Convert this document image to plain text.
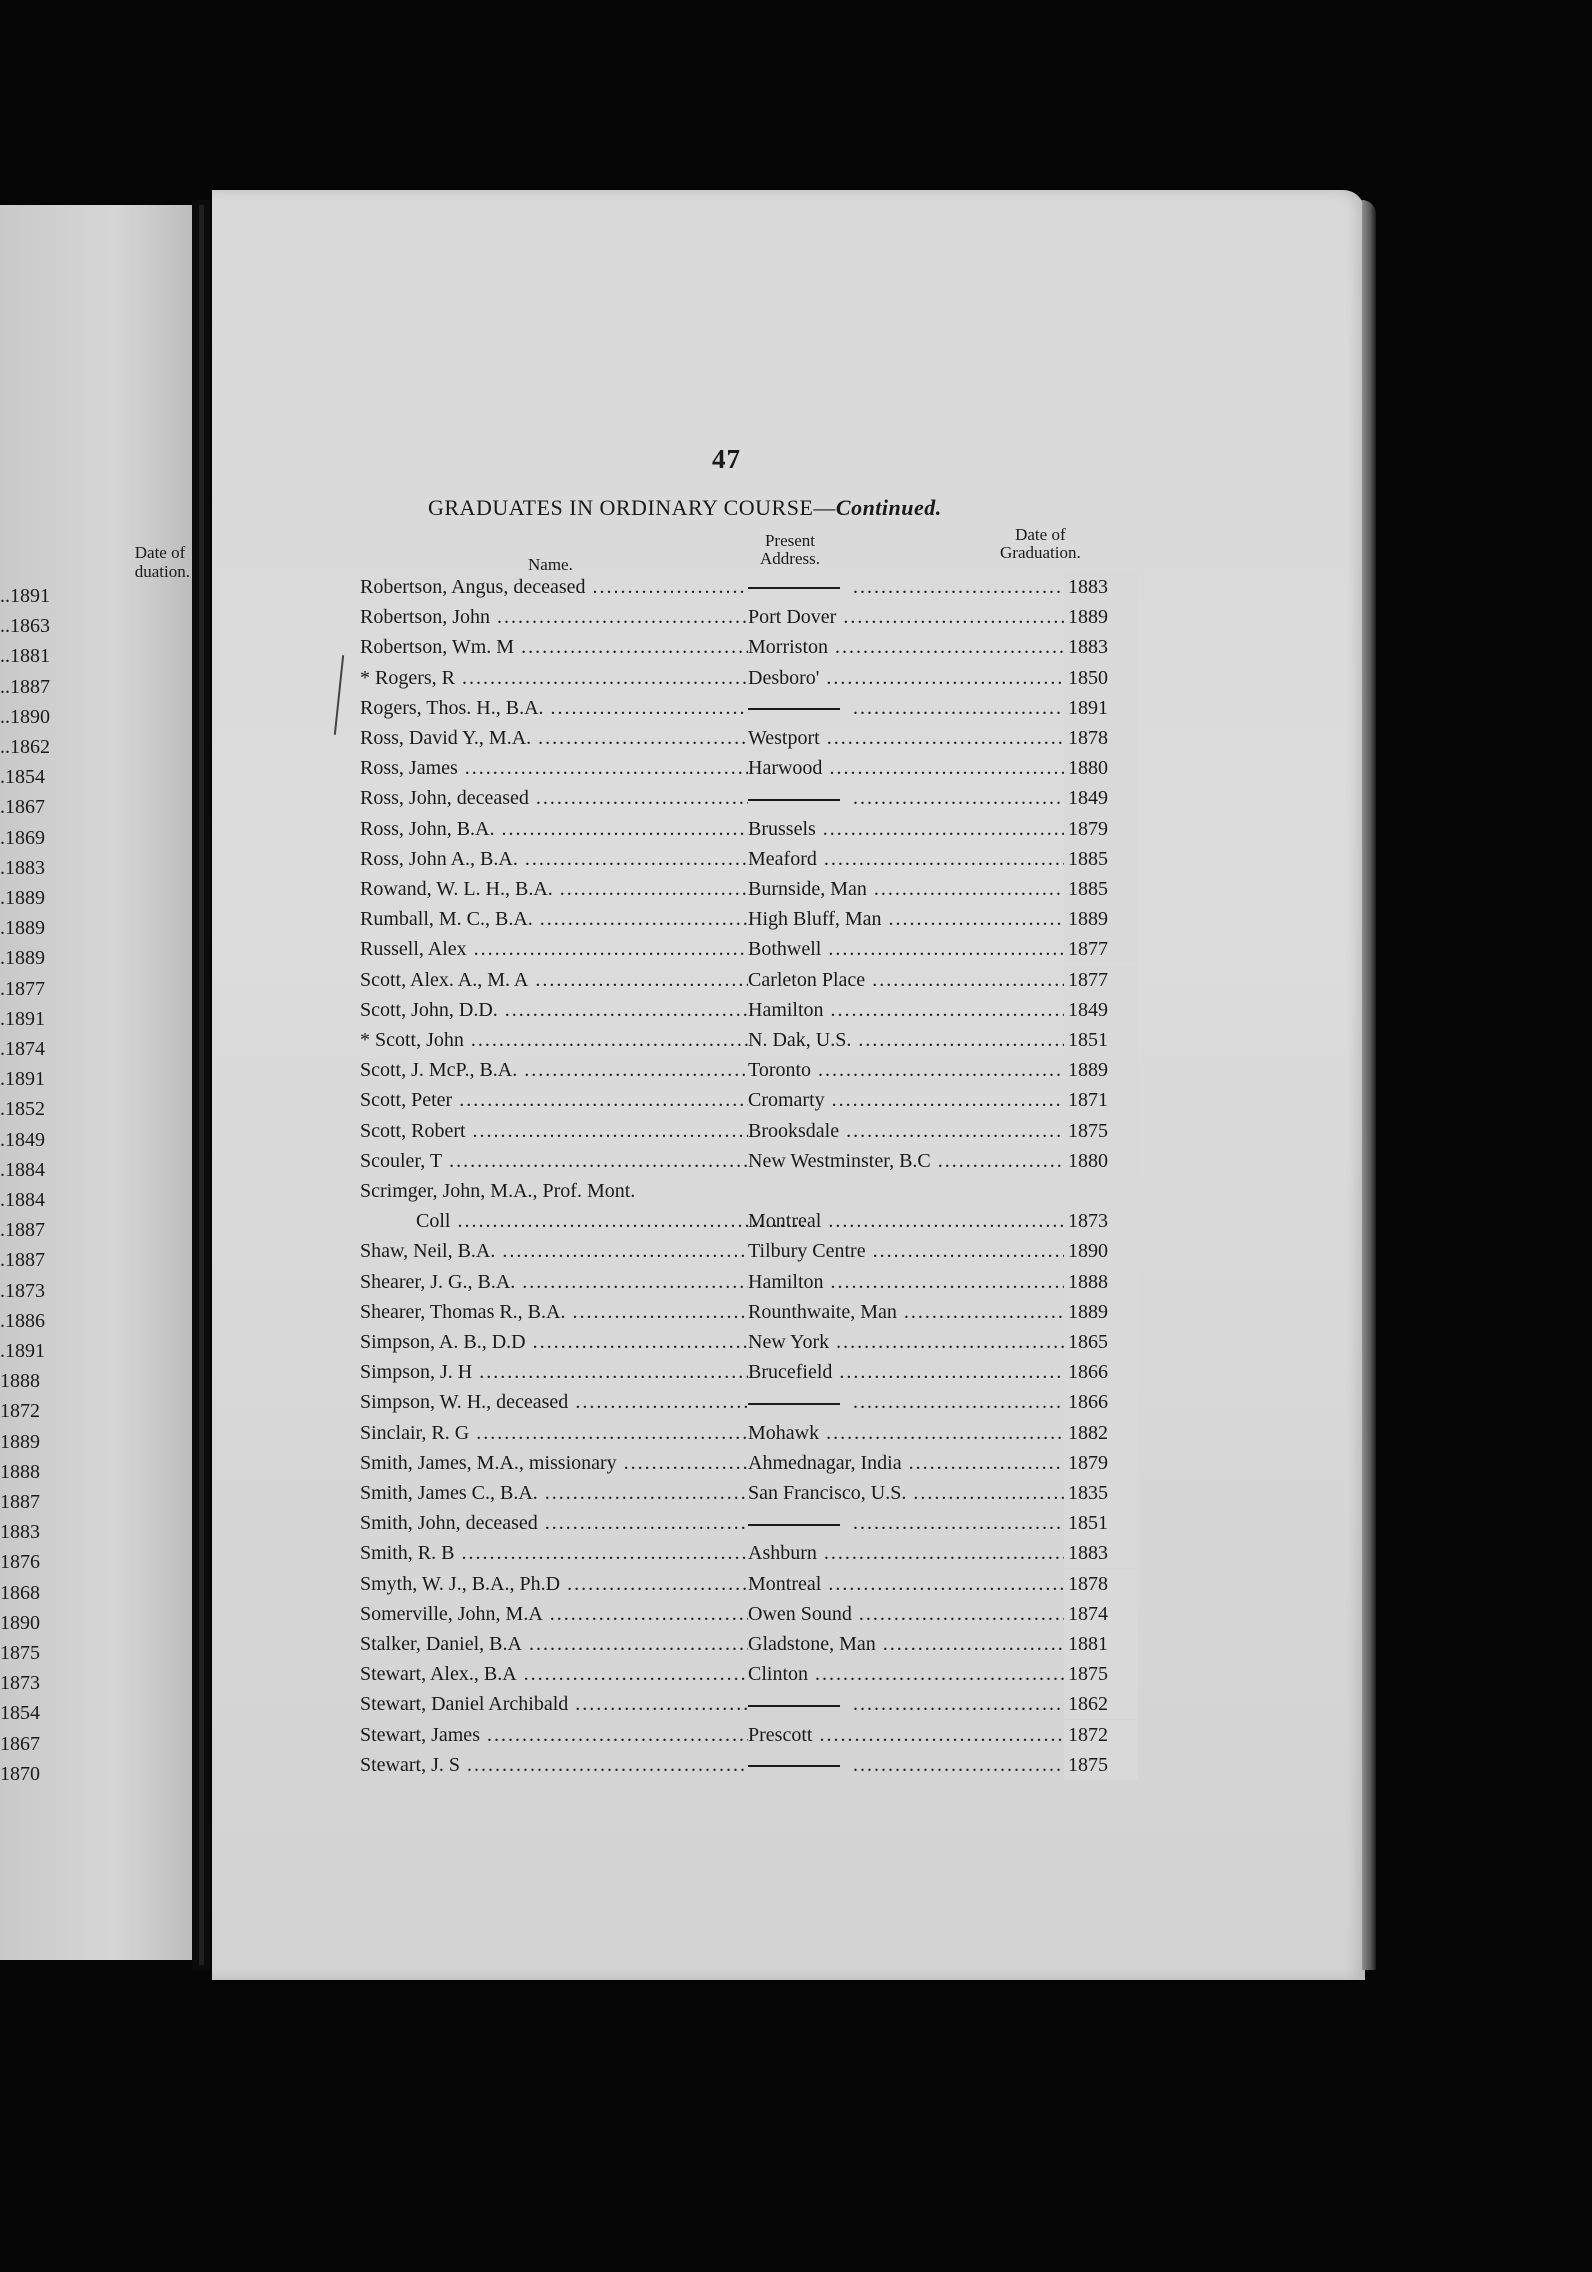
Date of
duation.
..1891
..1863
..1881
..1887
..1890
..1862
.1854
.1867
.1869
.1883
.1889
.1889
.1889
.1877
.1891
.1874
.1891
.1852
.1849
.1884
.1884
.1887
.1887
.1873
.1886
.1891
1888
1872
1889
1888
1887
1883
1876
1868
1890
1875
1873
1854
1867
1870
47
GRADUATES IN ORDINARY COURSE—Continued.
Name.
Present
Address.
Date of
Graduation.
Robertson, Angus, deceased ..... .....	1883
Robertson, John .....	Port Dover .....	1889
Robertson, Wm. M .....	Morriston .....	1883
* Rogers, R .....	Desboro' .....	1850
Rogers, Thos. H., B.A. ..... .....	1891
Ross, David Y., M.A. .....	Westport .....	1878
Ross, James .....	Harwood .....	1880
Ross, John, deceased ..... .....	1849
Ross, John, B.A. .....	Brussels .....	1879
Ross, John A., B.A. .....	Meaford .....	1885
Rowand, W. L. H., B.A. .....	Burnside, Man .....	1885
Rumball, M. C., B.A. .....	High Bluff, Man .....	1889
Russell, Alex .....	Bothwell .....	1877
Scott, Alex. A., M. A .....	Carleton Place .....	1877
Scott, John, D.D. .....	Hamilton .....	1849
* Scott, John .....	N. Dak, U.S. .....	1851
Scott, J. McP., B.A. .....	Toronto .....	1889
Scott, Peter .....	Cromarty .....	1871
Scott, Robert .....	Brooksdale .....	1875
Scouler, T .....	New Westminster, B.C .....	1880
Scrimger, John, M.A., Prof. Mont.
Coll .....	Montreal .....	1873
Shaw, Neil, B.A. .....	Tilbury Centre .....	1890
Shearer, J. G., B.A. .....	Hamilton .....	1888
Shearer, Thomas R., B.A. .....	Rounthwaite, Man .....	1889
Simpson, A. B., D.D .....	New York .....	1865
Simpson, J. H .....	Brucefield .....	1866
Simpson, W. H., deceased ..... .....	1866
Sinclair, R. G .....	Mohawk .....	1882
Smith, James, M.A., missionary .....	Ahmednagar, India .....	1879
Smith, James C., B.A. .....	San Francisco, U.S. .....	1835
Smith, John, deceased ..... .....	1851
Smith, R. B .....	Ashburn .....	1883
Smyth, W. J., B.A., Ph.D .....	Montreal .....	1878
Somerville, John, M.A .....	Owen Sound .....	1874
Stalker, Daniel, B.A .....	Gladstone, Man .....	1881
Stewart, Alex., B.A .....	Clinton .....	1875
Stewart, Daniel Archibald ..... .....	1862
Stewart, James .....	Prescott .....	1872
Stewart, J. S ..... .....	1875
